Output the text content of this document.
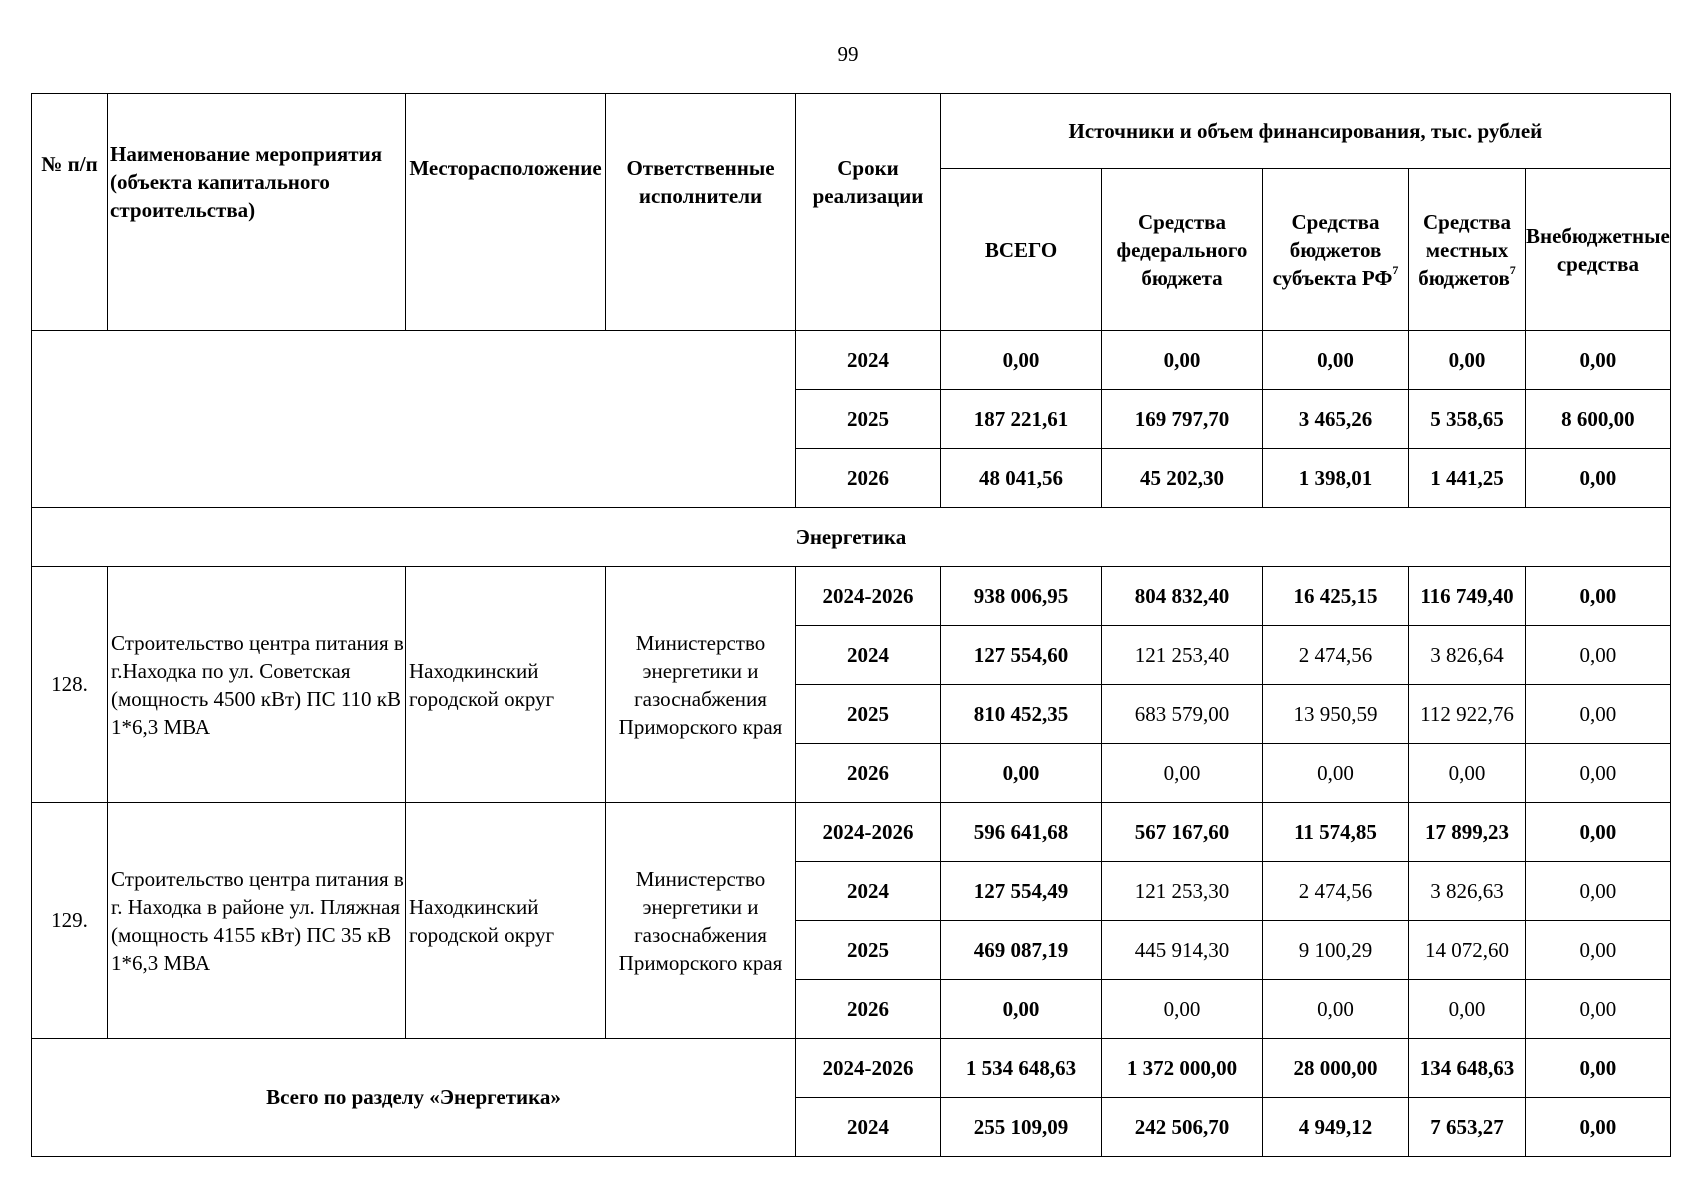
99
№ п/п	Наименование мероприятия (объекта капитального строительства)	Месторасположение	Ответственные исполнители	Сроки реализации	Источники и объем финансирования, тыс. рублей				
					ВСЕГО	Средства федерального бюджета	Средства бюджетов субъекта $РФ^7$	Средства местных бюджетов$^7$	Внебюджетные средства
				2024	0,00	0,00	0,00	0,00	0,00
				2025	187 221,61	169 797,70	3 465,26	5 358,65	8 600,00
				2026	48 041,56	45 202,30	1 398,01	1 441,25	0,00
Энергетика									
128.	Строительство центра питания в г.Находка по ул. Советская (мощность 4500 кВт) ПС 110 кВ 1*6,3 МВА	Находкинский городской округ	Министерство энергетики и газоснабжения Приморского края	2024-2026	938 006,95	804 832,40	16 425,15	116 749,40	0,00
				2024	127 554,60	121 253,40	2 474,56	3 826,64	0,00
				2025	810 452,35	683 579,00	13 950,59	112 922,76	0,00
				2026	0,00	0,00	0,00	0,00	0,00
129.	Строительство центра питания в г. Находка в районе ул. Пляжная (мощность 4155 кВт) ПС 35 кВ 1*6,3 МВА	Находкинский городской округ	Министерство энергетики и газоснабжения Приморского края	2024-2026	596 641,68	567 167,60	11 574,85	17 899,23	0,00
				2024	127 554,49	121 253,30	2 474,56	3 826,63	0,00
				2025	469 087,19	445 914,30	9 100,29	14 072,60	0,00
				2026	0,00	0,00	0,00	0,00	0,00
Всего по разделу «Энергетика»				2024-2026	1 534 648,63	1 372 000,00	28 000,00	134 648,63	0,00
				2024	255 109,09	242 506,70	4 949,12	7 653,27	0,00
